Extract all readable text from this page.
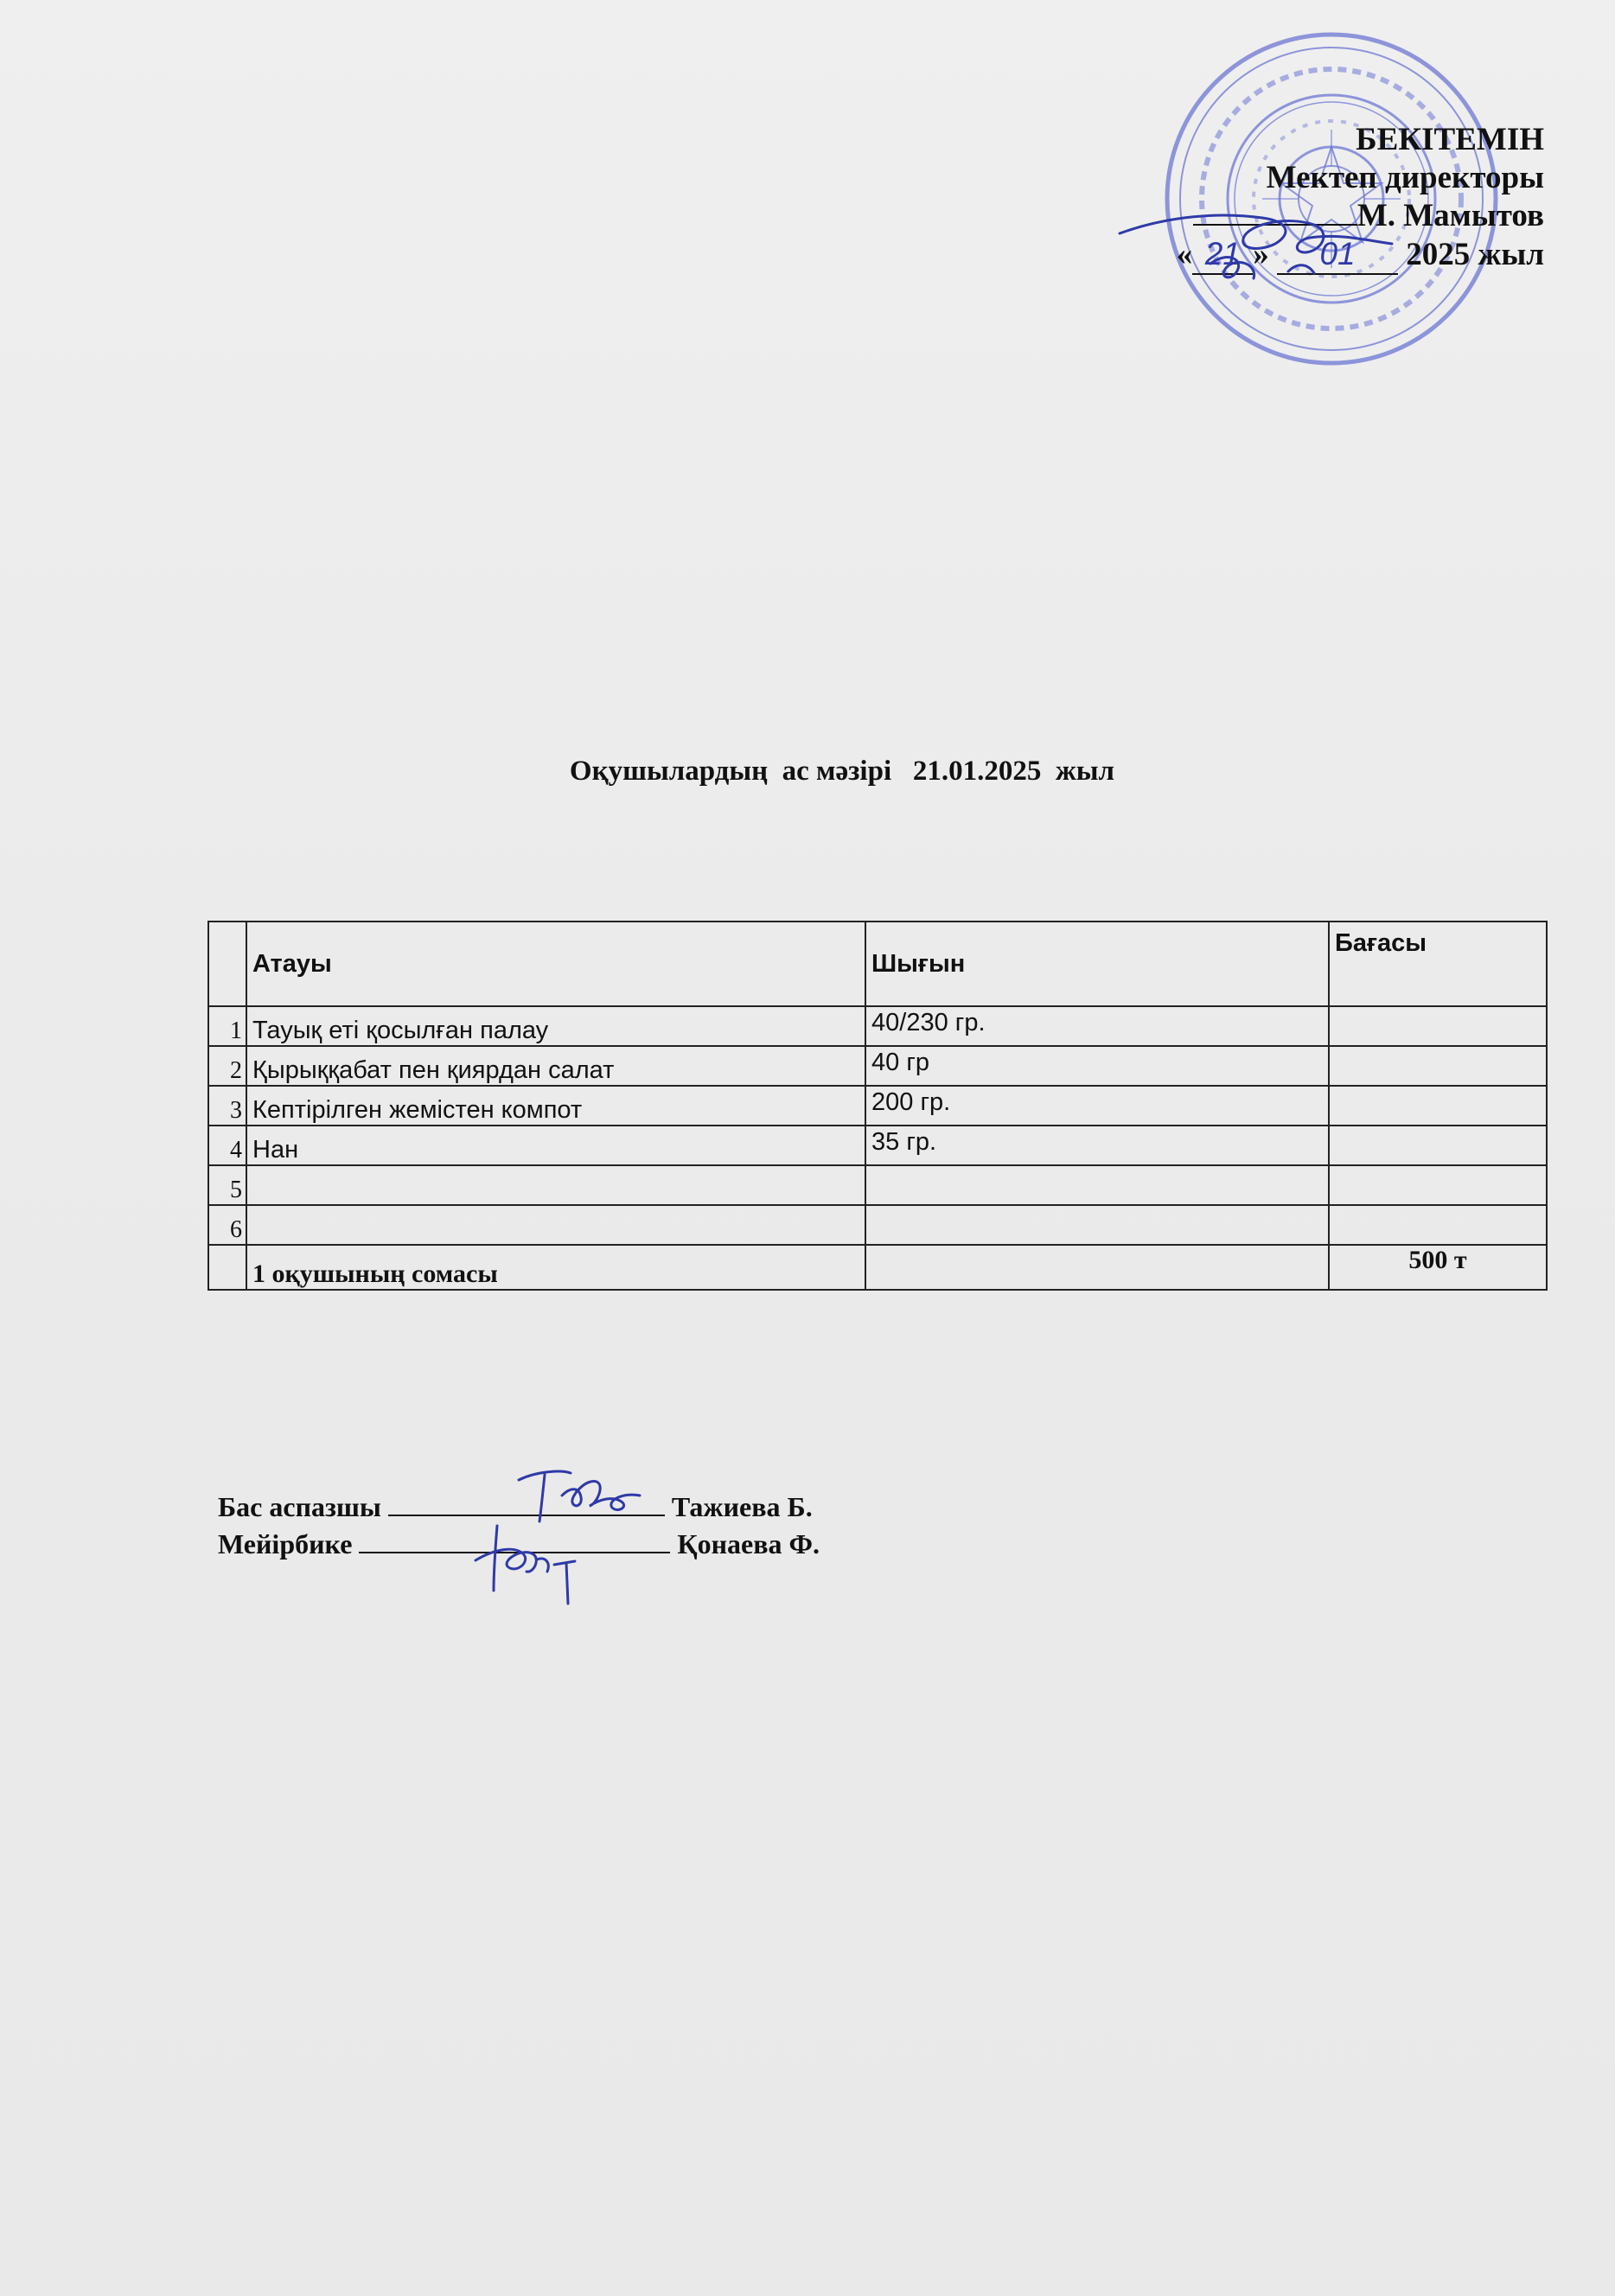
БЕКІТЕМІН
Мектеп директоры
М. Мамытов
« 21 » 01 2025 жыл
Оқушылардың  ас мәзірі   21.01.2025  жыл
	Атауы	Шығын	Бағасы
1	Тауық еті қосылған палау	40/230 гр.	
2	Қырыққабат пен қиярдан салат	40 гр	
3	Кептірілген жемістен компот	200 гр.	
4	Нан	35 гр.	
5			
6			
	1 оқушының сомасы		500 т
Бас аспазшы	Тажиева Б.
Мейірбике	Қонаева Ф.
